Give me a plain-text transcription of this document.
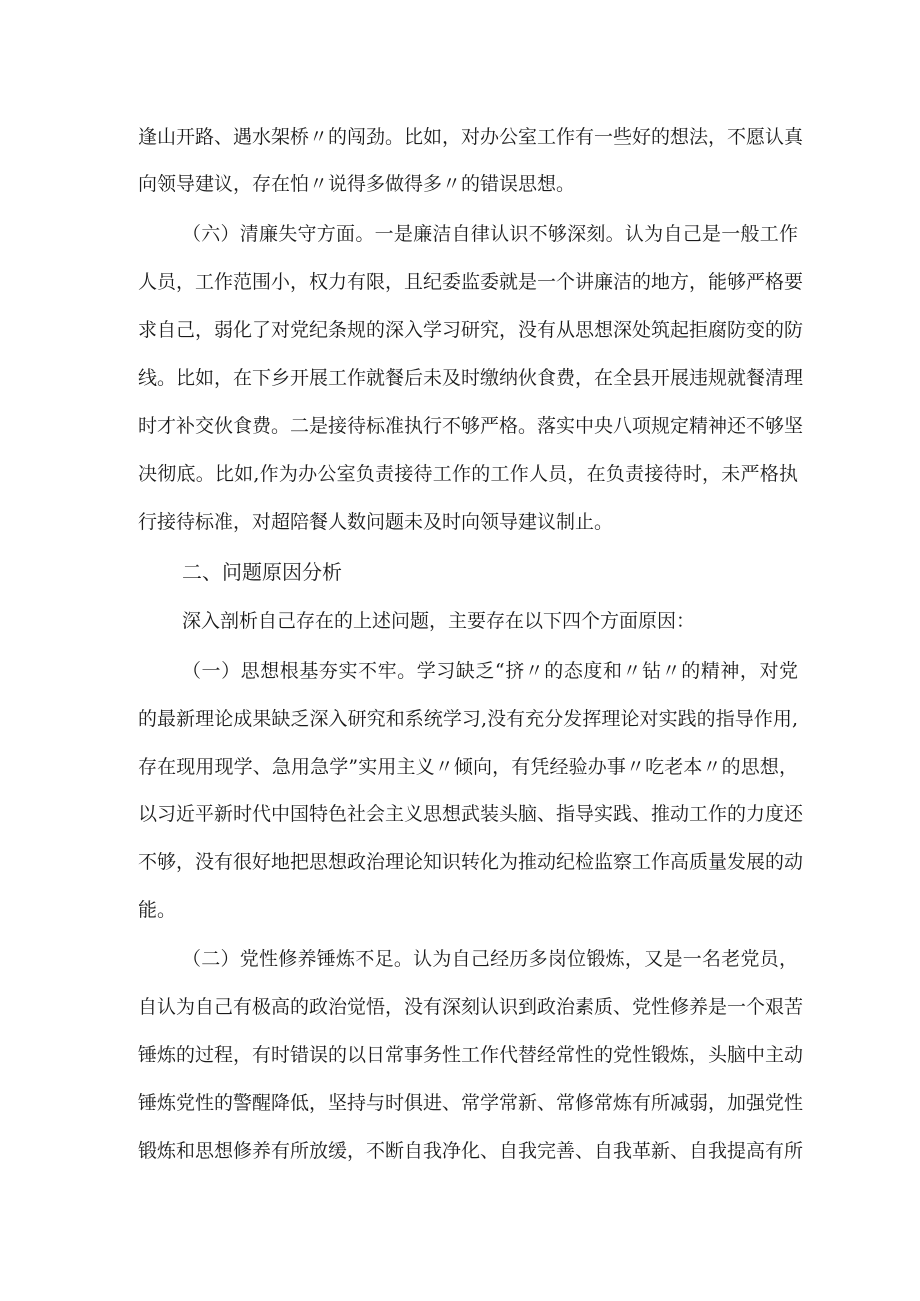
逢山开路、遇水架桥〃的闯劲。比如，对办公室工作有一些好的想法，不愿认真
向领导建议，存在怕〃说得多做得多〃的错误思想。
（六）清廉失守方面。一是廉洁自律认识不够深刻。认为自己是一般工作
人员，工作范围小，权力有限，且纪委监委就是一个讲廉洁的地方，能够严格要
求自己，弱化了对党纪条规的深入学习研究，没有从思想深处筑起拒腐防变的防
线。比如，在下乡开展工作就餐后未及时缴纳伙食费，在全县开展违规就餐清理
时才补交伙食费。二是接待标准执行不够严格。落实中央八项规定精神还不够坚
决彻底。比如,作为办公室负责接待工作的工作人员，在负责接待时，未严格执
行接待标准，对超陪餐人数问题未及时向领导建议制止。
二、问题原因分析
深入剖析自己存在的上述问题，主要存在以下四个方面原因：
（一）思想根基夯实不牢。学习缺乏“挤〃的态度和〃钻〃的精神，对党
的最新理论成果缺乏深入研究和系统学习,没有充分发挥理论对实践的指导作用,
存在现用现学、急用急学”实用主义〃倾向，有凭经验办事〃吃老本〃的思想，
以习近平新时代中国特色社会主义思想武装头脑、指导实践、推动工作的力度还
不够，没有很好地把思想政治理论知识转化为推动纪检监察工作高质量发展的动
能。
（二）党性修养锤炼不足。认为自己经历多岗位锻炼，又是一名老党员，
自认为自己有极高的政治觉悟，没有深刻认识到政治素质、党性修养是一个艰苦
锤炼的过程，有时错误的以日常事务性工作代替经常性的党性锻炼，头脑中主动
锤炼党性的警醒降低，坚持与时俱进、常学常新、常修常炼有所减弱，加强党性
锻炼和思想修养有所放缓，不断自我净化、自我完善、自我革新、自我提高有所
